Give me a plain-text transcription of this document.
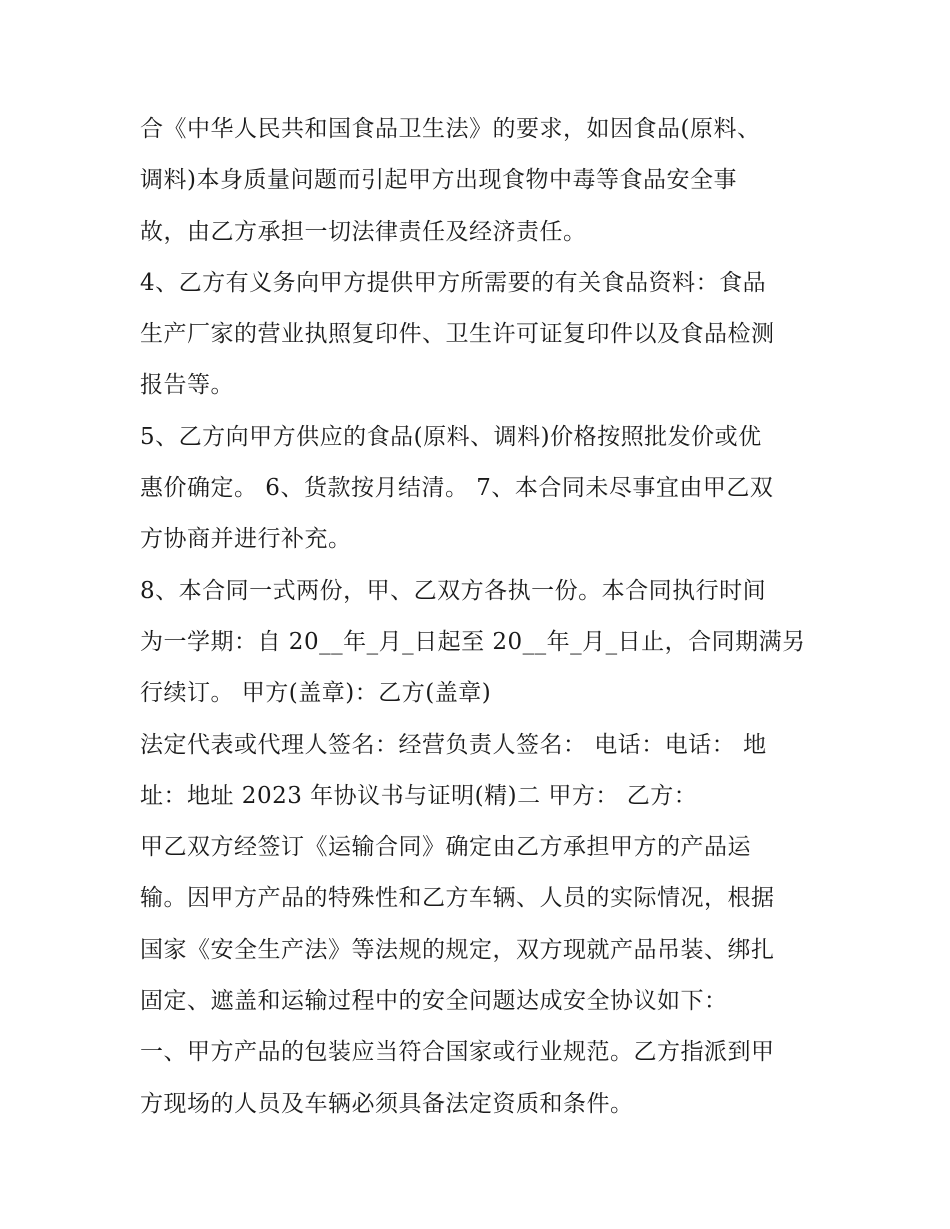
合《中华人民共和国食品卫生法》的要求，如因食品(原料、
调料)本身质量问题而引起甲方出现食物中毒等食品安全事
故，由乙方承担一切法律责任及经济责任。
4、乙方有义务向甲方提供甲方所需要的有关食品资料：食品
生产厂家的营业执照复印件、卫生许可证复印件以及食品检测
报告等。
5、乙方向甲方供应的食品(原料、调料)价格按照批发价或优
惠价确定。 6、货款按月结清。 7、本合同未尽事宜由甲乙双
方协商并进行补充。
8、本合同一式两份，甲、乙双方各执一份。本合同执行时间
为一学期：自 20__年_月_日起至 20__年_月_日止，合同期满另
行续订。 甲方(盖章)：乙方(盖章)
法定代表或代理人签名：经营负责人签名： 电话：电话： 地
址：地址 2023 年协议书与证明(精)二 甲方： 乙方：
甲乙双方经签订《运输合同》确定由乙方承担甲方的产品运
输。因甲方产品的特殊性和乙方车辆、人员的实际情况，根据
国家《安全生产法》等法规的规定，双方现就产品吊装、绑扎
固定、遮盖和运输过程中的安全问题达成安全协议如下：
一、甲方产品的包装应当符合国家或行业规范。乙方指派到甲
方现场的人员及车辆必须具备法定资质和条件。
